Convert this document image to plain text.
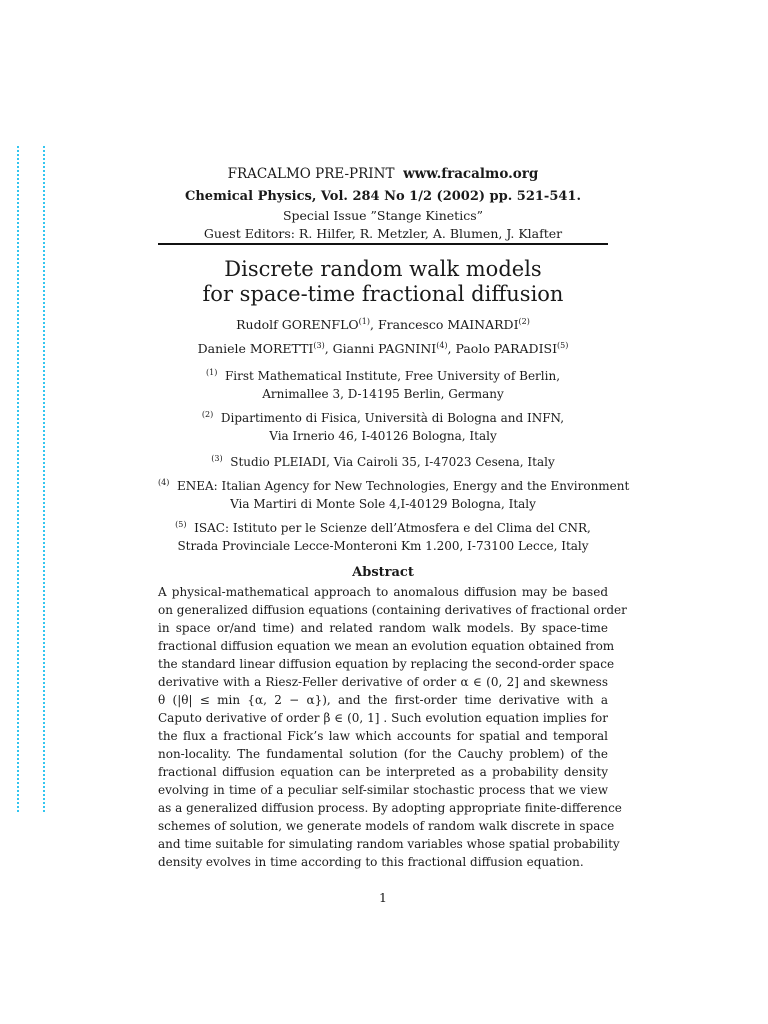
FRACALMO PRE-PRINT www.fracalmo.org
Chemical Physics, Vol. 284 No 1/2 (2002) pp. 521-541.
Special Issue ”Stange Kinetics”
Guest Editors: R. Hilfer, R. Metzler, A. Blumen, J. Klafter
Discrete random walk models
for space-time fractional diffusion
Rudolf GORENFLO$^{(1)}$, Francesco MAINARDI$^{(2)}$
Daniele MORETTI$^{(3)}$, Gianni PAGNINI$^{(4)}$, Paolo PARADISI$^{(5)}$
$^{(1)}$ First Mathematical Institute, Free University of Berlin,
Arnimallee 3, D-14195 Berlin, Germany
$^{(2)}$ Dipartimento di Fisica, Università di Bologna and INFN,
Via Irnerio 46, I-40126 Bologna, Italy
$^{(3)}$ Studio PLEIADI, Via Cairoli 35, I-47023 Cesena, Italy
$^{(4)}$ ENEA: Italian Agency for New Technologies, Energy and the Environment
Via Martiri di Monte Sole 4,I-40129 Bologna, Italy
$^{(5)}$ ISAC: Istituto per le Scienze dell’Atmosfera e del Clima del CNR,
Strada Provinciale Lecce-Monteroni Km 1.200, I-73100 Lecce, Italy
Abstract
A physical-mathematical approach to anomalous diffusion may be based
on generalized diffusion equations (containing derivatives of fractional order
in space or/and time) and related random walk models. By space-time
fractional diffusion equation we mean an evolution equation obtained from
the standard linear diffusion equation by replacing the second-order space
derivative with a Riesz-Feller derivative of order α ∈ (0, 2] and skewness
θ (|θ| ≤ min {α, 2 − α}), and the first-order time derivative with a
Caputo derivative of order β ∈ (0, 1] . Such evolution equation implies for
the flux a fractional Fick’s law which accounts for spatial and temporal
non-locality. The fundamental solution (for the Cauchy problem) of the
fractional diffusion equation can be interpreted as a probability density
evolving in time of a peculiar self-similar stochastic process that we view
as a generalized diffusion process. By adopting appropriate finite-difference
schemes of solution, we generate models of random walk discrete in space
and time suitable for simulating random variables whose spatial probability
density evolves in time according to this fractional diffusion equation.
1
